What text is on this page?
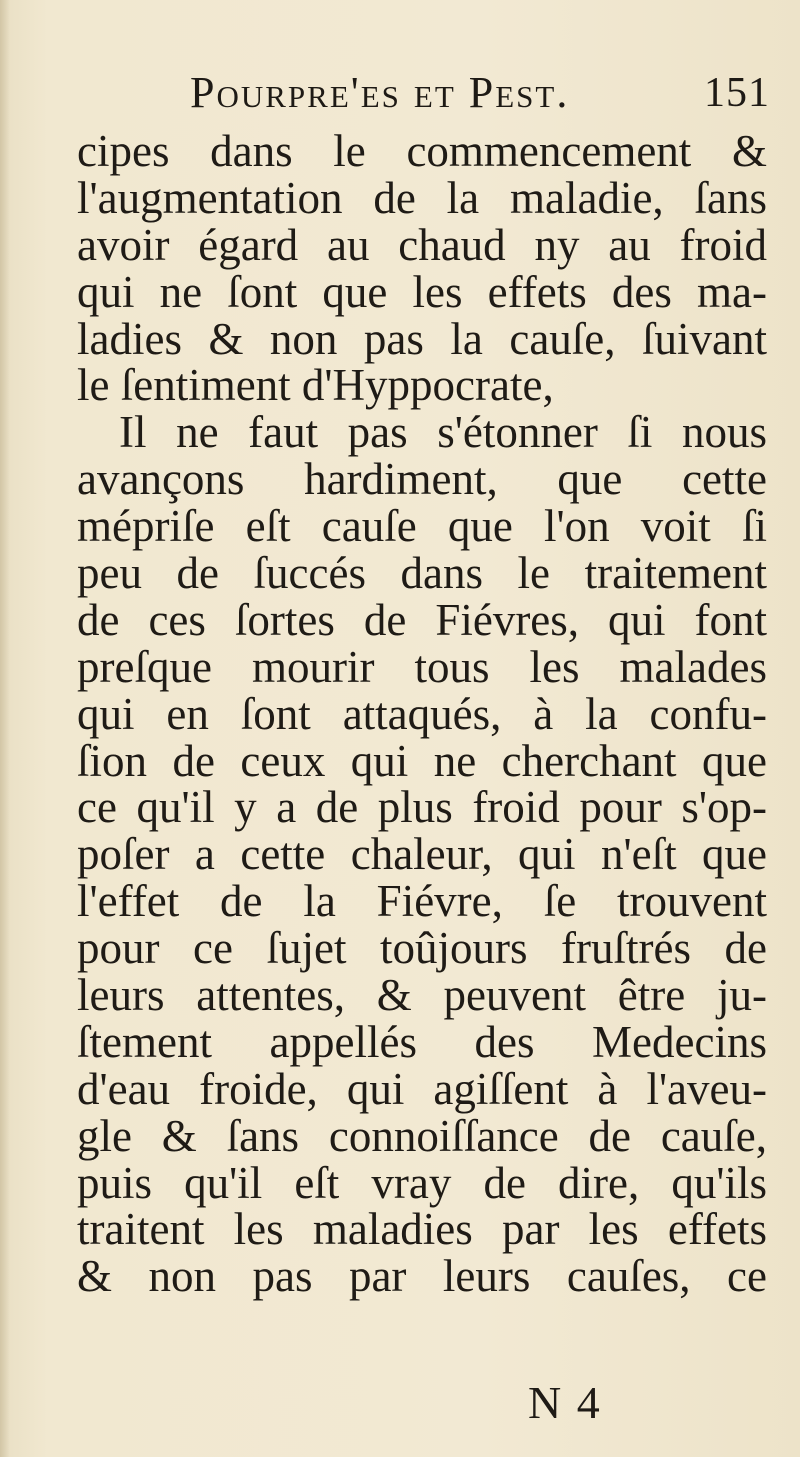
Pourpre'es et Pest.	151
cipes dans le commencement &
l'augmentation de la maladie, ſans
avoir égard au chaud ny au froid
qui ne ſont que les effets des ma-
ladies & non pas la cauſe, ſuivant
le ſentiment d'Hyppocrate,
Il ne faut pas s'étonner ſi nous
avançons hardiment, que cette
mépriſe eſt cauſe que l'on voit ſi
peu de ſuccés dans le traitement
de ces ſortes de Fiévres, qui font
preſque mourir tous les malades
qui en ſont attaqués, à la confu-
ſion de ceux qui ne cherchant que
ce qu'il y a de plus froid pour s'op-
poſer a cette chaleur, qui n'eſt que
l'effet de la Fiévre, ſe trouvent
pour ce ſujet toûjours fruſtrés de
leurs attentes, & peuvent être ju-
ſtement appellés des Medecins
d'eau froide, qui agiſſent à l'aveu-
gle & ſans connoiſſance de cauſe,
puis qu'il eſt vray de dire, qu'ils
traitent les maladies par les effets
& non pas par leurs cauſes, ce
N 4
